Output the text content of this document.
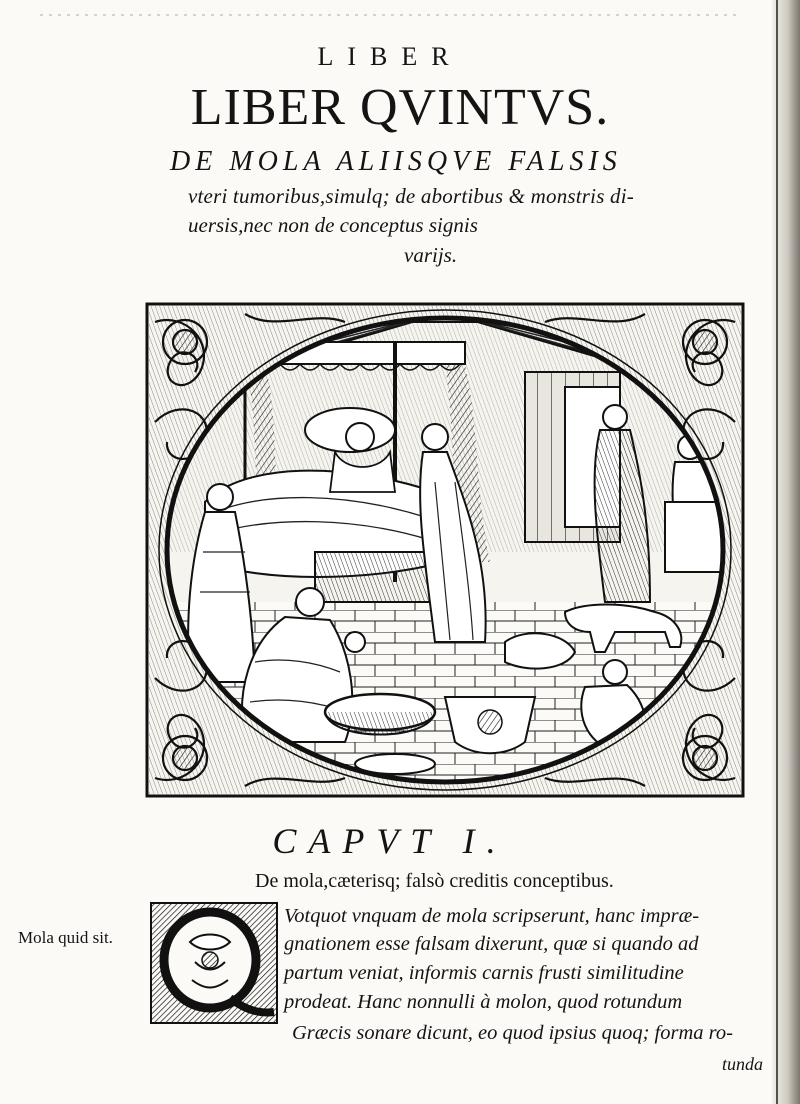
LIBER
LIBER QVINTVS.
DE MOLA ALIISQVE FALSIS
vteri tumoribus,simulq; de abortibus & monstris di-
uersis,nec non de conceptus signis
varijs.
CAPVT I.
De mola,cæterisq; falsò creditis conceptibus.
Mola quid sit.
Votquot vnquam de mola scripserunt, hanc impræ-
gnationem esse falsam dixerunt, quæ si quando ad
partum veniat, informis carnis frusti similitudine
prodeat. Hanc nonnulli à molon, quod rotundum
Græcis sonare dicunt, eo quod ipsius quoq; forma ro-
tunda
